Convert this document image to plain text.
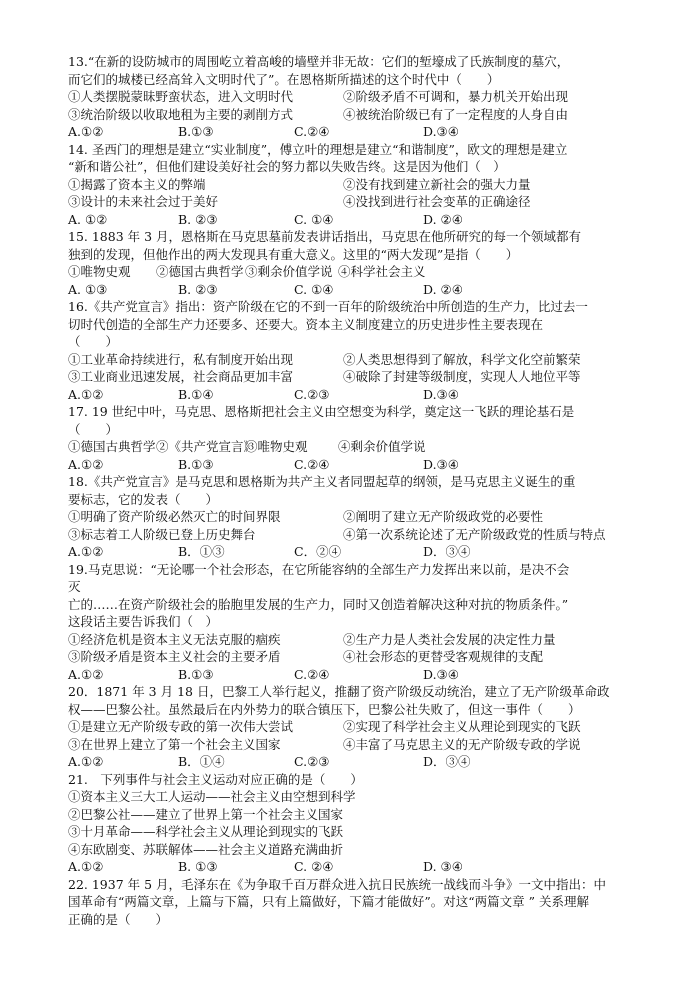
13.“在新的设防城市的周围屹立着高峻的墙壁并非无故：它们的堑壕成了氏族制度的墓穴，
而它们的城楼已经高耸入文明时代了”。在恩格斯所描述的这个时代中（　　）
①人类摆脱蒙昧野蛮状态，进入文明时代	②阶级矛盾不可调和，暴力机关开始出现
③统治阶级以收取地租为主要的剥削方式	④被统治阶级已有了一定程度的人身自由
A.①②	B.①③	C.②④	D.③④
14. 圣西门的理想是建立“实业制度”，傅立叶的理想是建立“和谐制度”，欧文的理想是建立
“新和谐公社”，但他们建设美好社会的努力都以失败告终。这是因为他们（　）
①揭露了资本主义的弊端	②没有找到建立新社会的强大力量
③设计的未来社会过于美好	④没找到进行社会变革的正确途径
A. ①②	B. ②③	C. ①④	D. ②④
15. 1883 年 3 月，恩格斯在马克思墓前发表讲话指出，马克思在他所研究的每一个领域都有
独到的发现，但他作出的两大发现具有重大意义。这里的“两大发现”是指（　　）
①唯物史观 ②德国古典哲学 ③剩余价值学说 ④科学社会主义
A. ①③	B. ②③	C. ①④	D. ②④
16.《共产党宣言》指出：资产阶级在它的不到一百年的阶级统治中所创造的生产力，比过去一
切时代创造的全部生产力还要多、还要大。资本主义制度建立的历史进步性主要表现在
（　　）
①工业革命持续进行，私有制度开始出现	②人类思想得到了解放，科学文化空前繁荣
③工业商业迅速发展，社会商品更加丰富	④破除了封建等级制度，实现人人地位平等
A.①②	B.①④	C.②③	D.③④
17. 19 世纪中叶，马克思、恩格斯把社会主义由空想变为科学，奠定这一飞跃的理论基石是
（　　）
①德国古典哲学 ②《共产党宣言》
③唯物史观 ④剩余价值学说
A.①②	B.①③	C.②④	D.③④
18.《共产党宣言》是马克思和恩格斯为共产主义者同盟起草的纲领，是马克思主义诞生的重
要标志，它的发表（　　）
①明确了资产阶级必然灭亡的时间界限	②阐明了建立无产阶级政党的必要性
③标志着工人阶级已登上历史舞台	④第一次系统论述了无产阶级政党的性质与特点
A.①②	B．①③	C．②④	D．③④
19.马克思说：“无论哪一个社会形态，在它所能容纳的全部生产力发挥出来以前，是决不会
灭
亡的……在资产阶级社会的胎胞里发展的生产力，同时又创造着解决这种对抗的物质条件。”
这段话主要告诉我们（　）
①经济危机是资本主义无法克服的痼疾	②生产力是人类社会发展的决定性力量
③阶级矛盾是资本主义社会的主要矛盾	④社会形态的更替受客观规律的支配
A.①②	B.①③	C.②④	D.③④
20．1871 年 3 月 18 日，巴黎工人举行起义，推翻了资产阶级反动统治，建立了无产阶级革命政
权——巴黎公社。虽然最后在内外势力的联合镇压下，巴黎公社失败了，但这一事件（　　）
①是建立无产阶级专政的第一次伟大尝试	②实现了科学社会主义从理论到现实的飞跃
③在世界上建立了第一个社会主义国家	④丰富了马克思主义的无产阶级专政的学说
A.①②	B．①④	C.②③	D．③④
21.　下列事件与社会主义运动对应正确的是（　　）
①资本主义三大工人运动——社会主义由空想到科学
②巴黎公社——建立了世界上第一个社会主义国家
③十月革命——科学社会主义从理论到现实的飞跃
④东欧剧变、苏联解体——社会主义道路充满曲折
A.①②	B. ①③	C. ②④	D. ③④
22. 1937 年 5 月，毛泽东在《为争取千百万群众进入抗日民族统一战线而斗争》一文中指出：中
国革命有“两篇文章，上篇与下篇，只有上篇做好，下篇才能做好”。对这“两篇文章 ” 关系理解
正确的是（　　）
